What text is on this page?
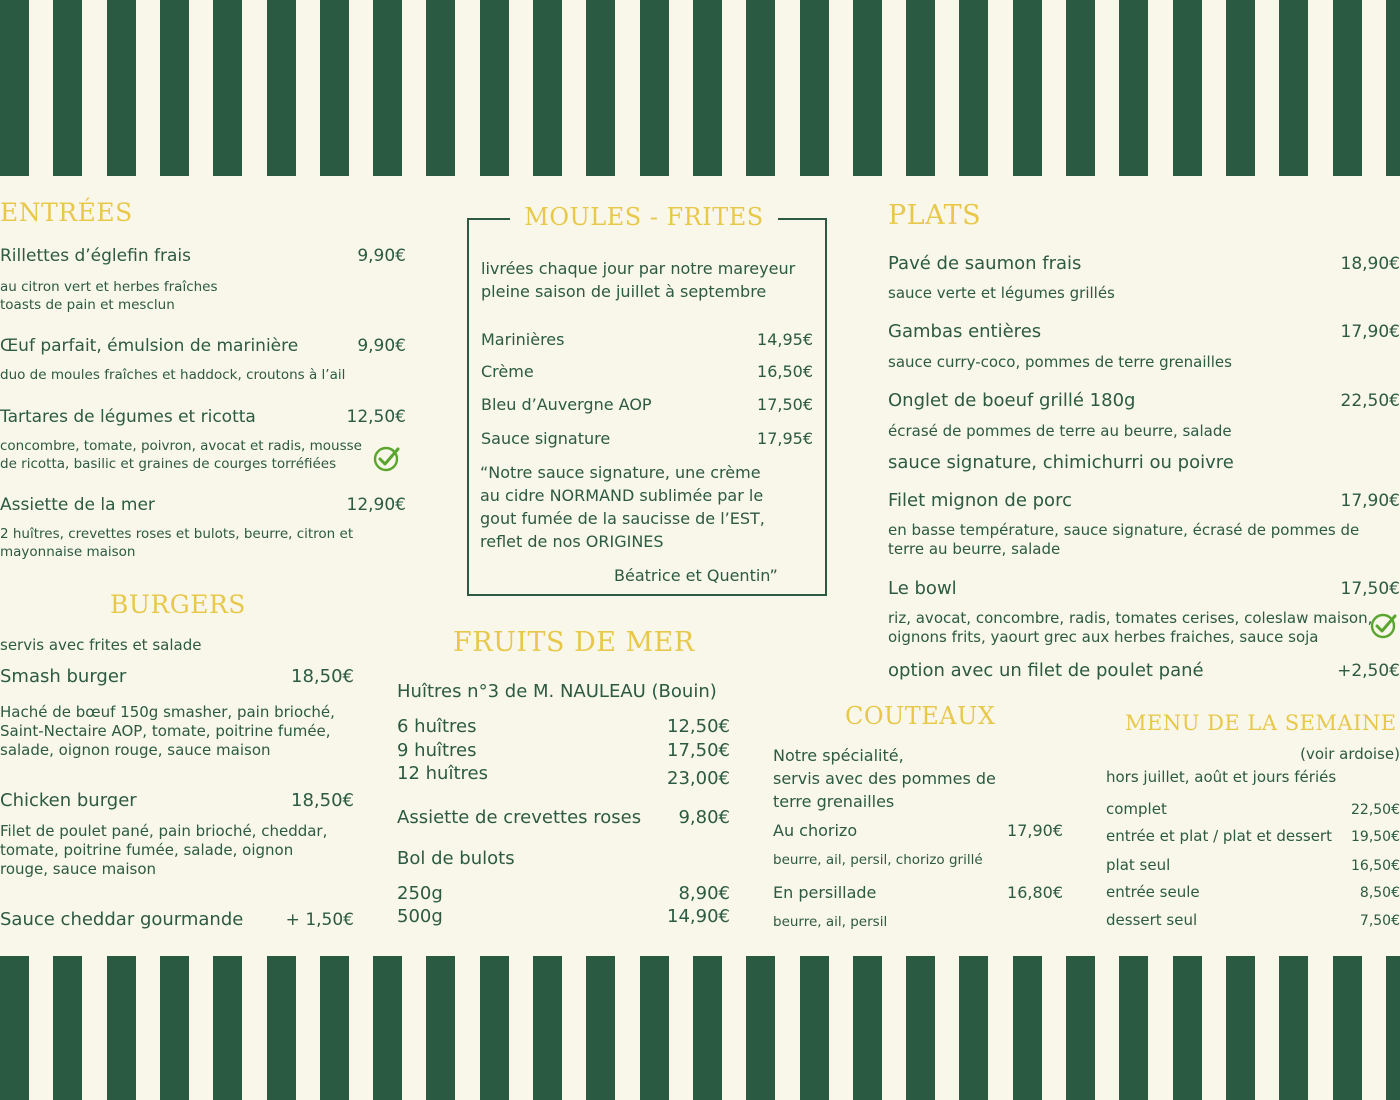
ENTRÉES
Rillettes d’églefin frais	9,90€
au citron vert et herbes fraîches
toasts de pain et mesclun
Œuf parfait, émulsion de marinière	9,90€
duo de moules fraîches et haddock, croutons à l’ail
Tartares de légumes et ricotta	12,50€
concombre, tomate, poivron, avocat et radis, mousse
de ricotta, basilic et graines de courges torréfiées
Assiette de la mer	12,90€
2 huîtres, crevettes roses et bulots, beurre, citron et
mayonnaise maison
BURGERS
servis avec frites et salade
Smash burger	18,50€
Haché de bœuf 150g smasher, pain brioché,
Saint-Nectaire AOP, tomate, poitrine fumée,
salade, oignon rouge, sauce maison
Chicken burger	18,50€
Filet de poulet pané, pain brioché, cheddar,
tomate, poitrine fumée, salade, oignon
rouge, sauce maison
Sauce cheddar gourmande + 1,50€
MOULES - FRITES
livrées chaque jour par notre mareyeur
pleine saison de juillet à septembre
Marinières	14,95€
Crème	16,50€
Bleu d’Auvergne AOP	17,50€
Sauce signature	17,95€
“Notre sauce signature, une crème
au cidre NORMAND sublimée par le
gout fumée de la saucisse de l’EST,
reflet de nos ORIGINES
Béatrice et Quentin”
FRUITS DE MER
Huîtres n°3 de M. NAULEAU (Bouin)
6 huîtres	12,50€
9 huîtres	17,50€
12 huîtres	23,00€
Assiette de crevettes roses 9,80€
Bol de bulots
250g	8,90€
500g	14,90€
PLATS
Pavé de saumon frais	18,90€
sauce verte et légumes grillés
Gambas entières	17,90€
sauce curry-coco, pommes de terre grenailles
Onglet de boeuf grillé 180g	22,50€
écrasé de pommes de terre au beurre, salade
sauce signature, chimichurri ou poivre
Filet mignon de porc	17,90€
en basse température, sauce signature, écrasé de pommes de
terre au beurre, salade
Le bowl	17,50€
riz, avocat, concombre, radis, tomates cerises, coleslaw maison,
oignons frits, yaourt grec aux herbes fraiches, sauce soja
option avec un filet de poulet pané	+2,50€
COUTEAUX
Notre spécialité,
servis avec des pommes de
terre grenailles
Au chorizo	17,90€
beurre, ail, persil, chorizo grillé
En persillade	16,80€
beurre, ail, persil
MENU DE LA SEMAINE
(voir ardoise)
hors juillet, août et jours fériés
complet	22,50€
entrée et plat / plat et dessert 19,50€
plat seul	16,50€
entrée seule	8,50€
dessert seul	7,50€
